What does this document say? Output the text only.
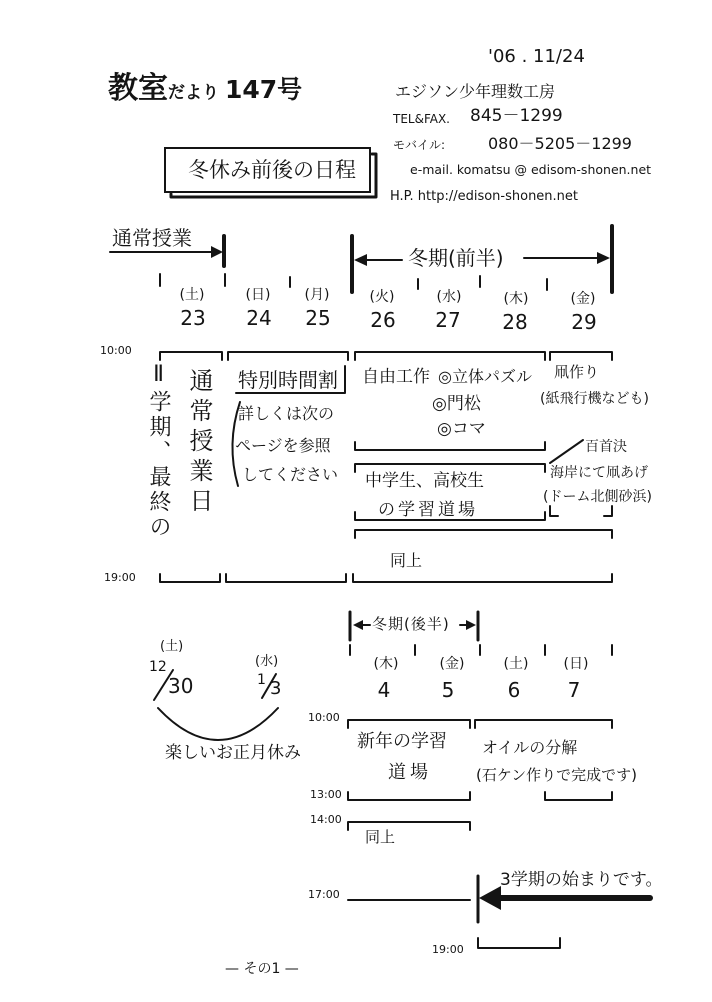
'06 . 11/24
教室だより 147号	エジソン少年理数工房
TEL&FAX. 845－1299
モバイル:	080－5205－1299
e-mail. komatsu @ edisom-shonen.net
H.P. http://edison-shonen.net
冬休み前後の日程
通常授業
冬期(前半)
(土)
23
(日)
24
(月)
25
(火)
26
(水)
27
(木)
28
(金)
29
10:00
19:00
Ⅱ学期、最終の 通常授業日 特別時間割
詳しくは次の
ページを参照
してください
自由工作 ◎立体パズル
◎門松
◎コマ
中学生、高校生
の学習道場
同上
凧作り
(紙飛行機なども)
百首決
海岸にて凧あげ
(ドーム北側砂浜)
(土)
12
30
(水)
1 3
楽しいお正月休み
冬期(後半)
(木)
4
(金)
5
(土)
6
(日)
7
10:00
13:00
14:00
17:00
19:00
新年の学習
道場
オイルの分解
(石ケン作りで完成です)
同上
3学期の始まりです。
— その1 —
